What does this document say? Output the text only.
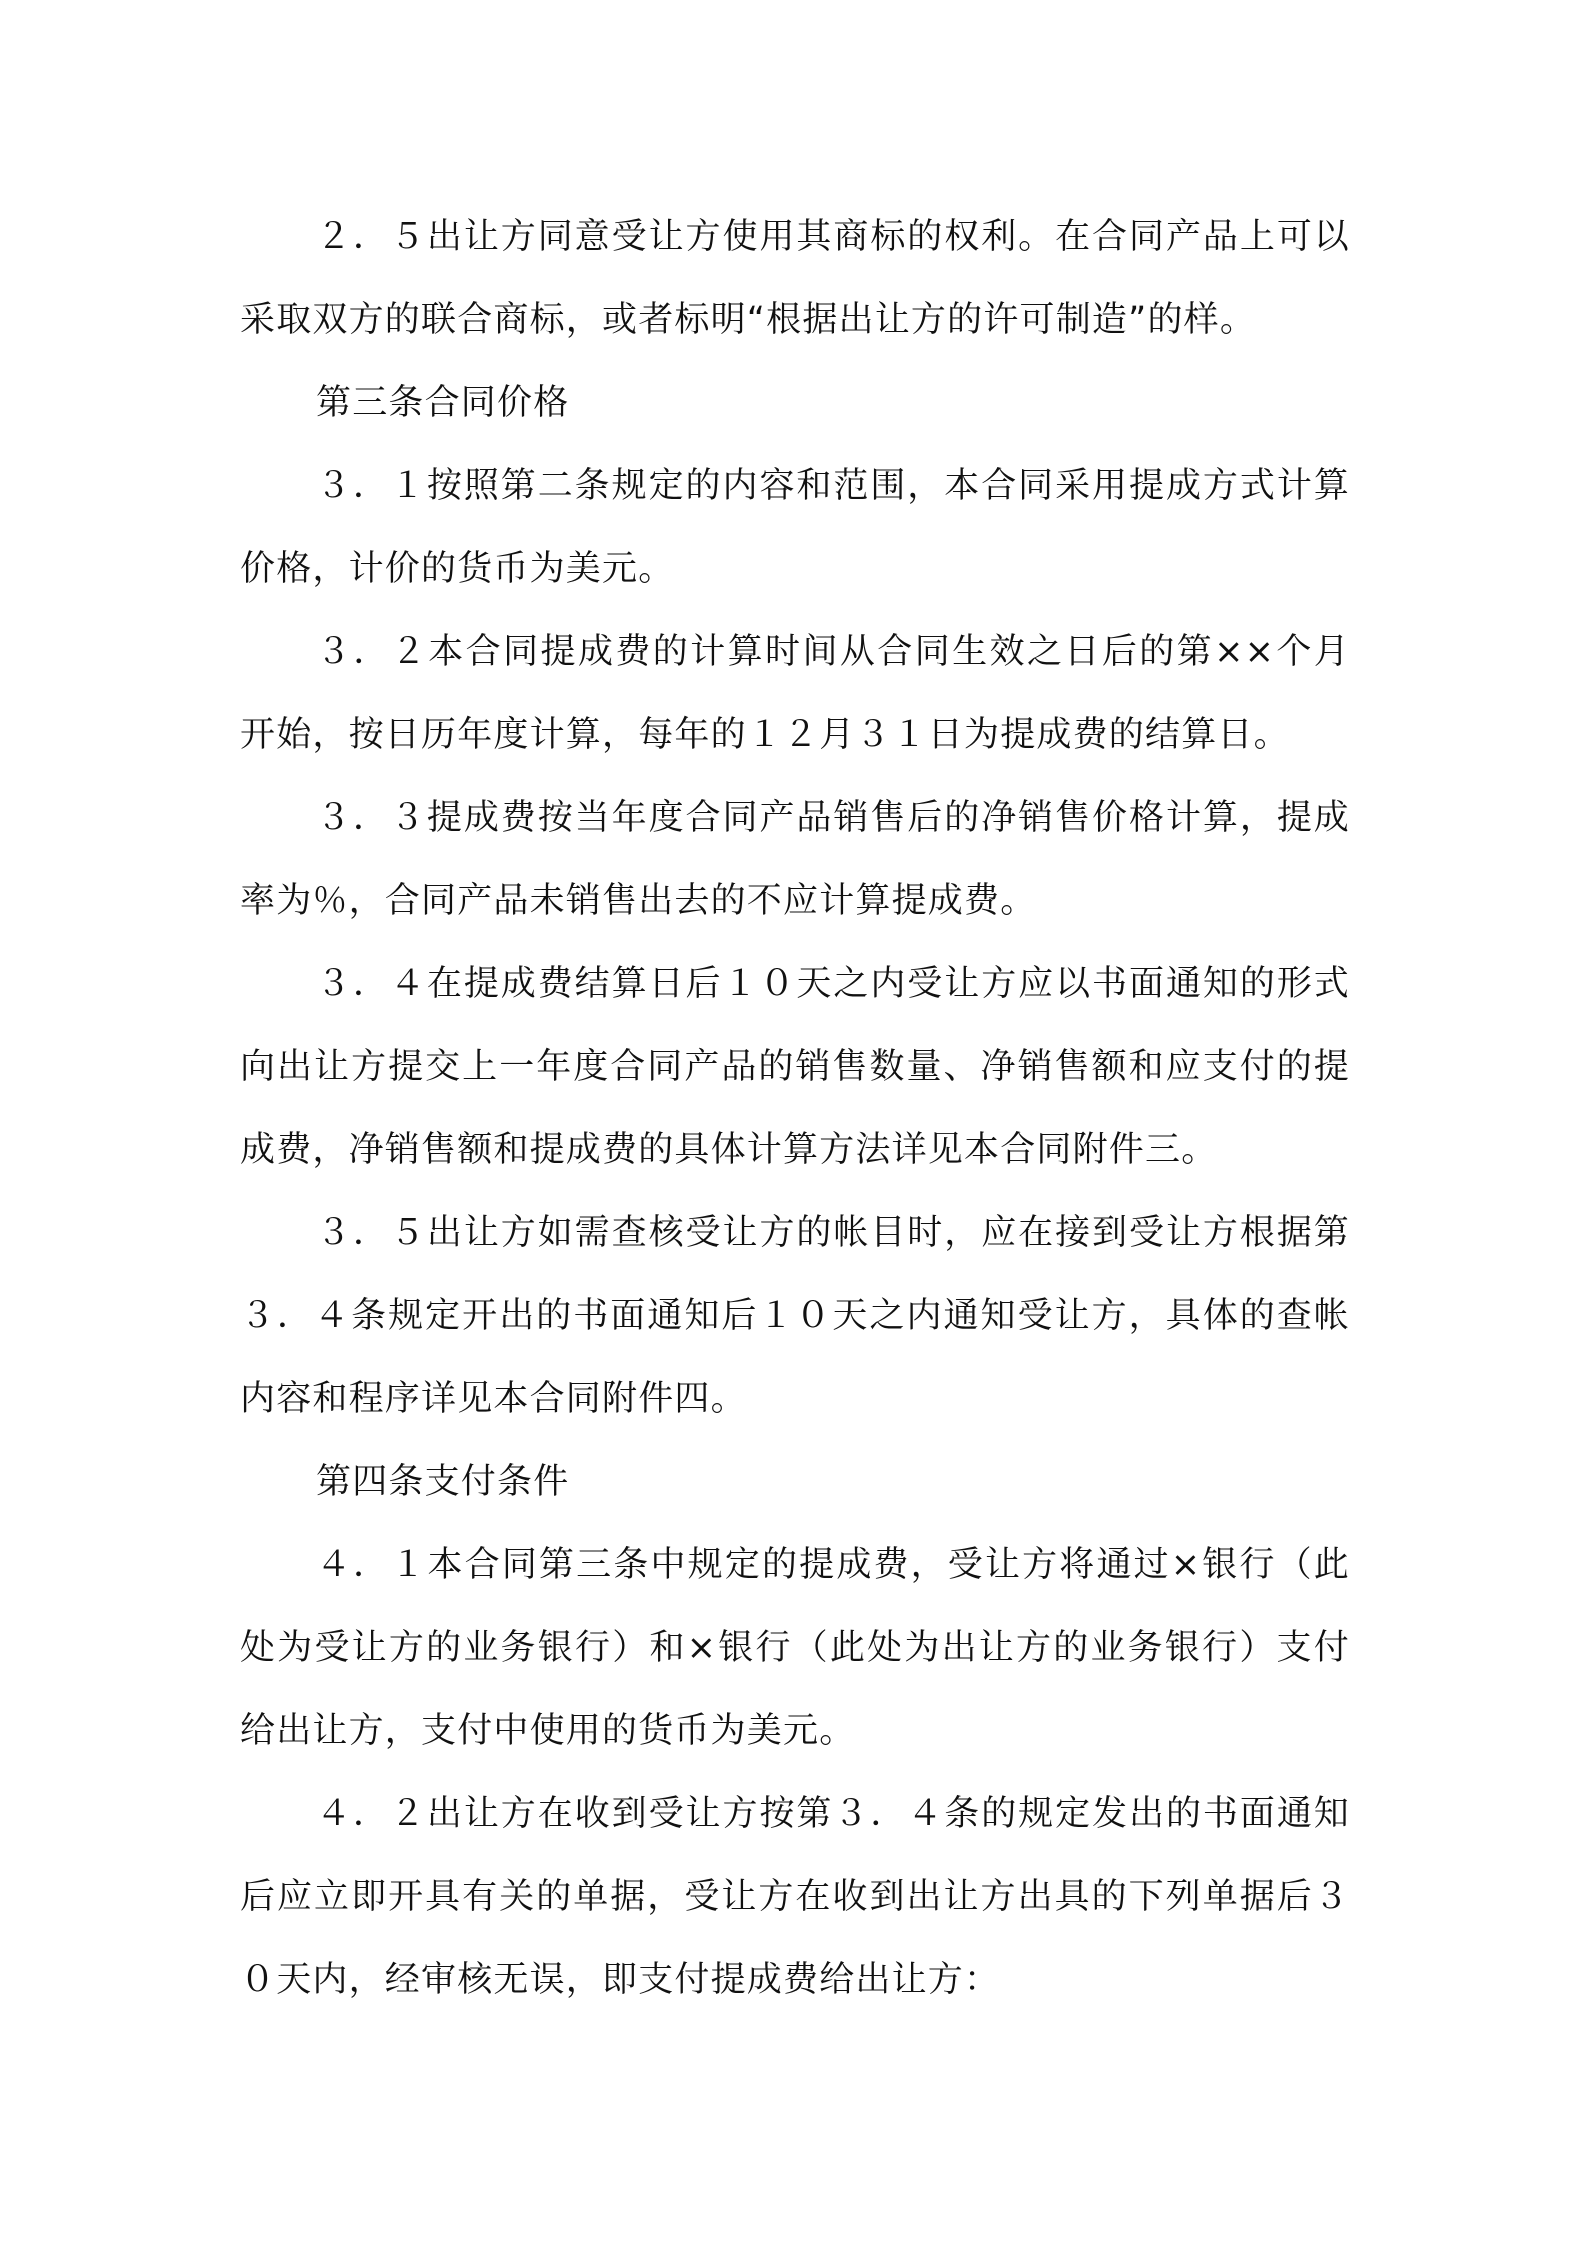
２．５出让方同意受让方使用其商标的权利。在合同产品上可以采取双方的联合商标，或者标明“根据出让方的许可制造”的样。

第三条合同价格

３．１按照第二条规定的内容和范围，本合同采用提成方式计算价格，计价的货币为美元。

３．２本合同提成费的计算时间从合同生效之日后的第××个月开始，按日历年度计算，每年的１２月３１日为提成费的结算日。

３．３提成费按当年度合同产品销售后的净销售价格计算，提成率为％，合同产品未销售出去的不应计算提成费。

３．４在提成费结算日后１０天之内受让方应以书面通知的形式向出让方提交上一年度合同产品的销售数量、净销售额和应支付的提成费，净销售额和提成费的具体计算方法详见本合同附件三。

３．５出让方如需查核受让方的帐目时，应在接到受让方根据第３．４条规定开出的书面通知后１０天之内通知受让方，具体的查帐内容和程序详见本合同附件四。

第四条支付条件

４．１本合同第三条中规定的提成费，受让方将通过×银行（此处为受让方的业务银行）和×银行（此处为出让方的业务银行）支付给出让方，支付中使用的货币为美元。

４．２出让方在收到受让方按第３．４条的规定发出的书面通知后应立即开具有关的单据，受让方在收到出让方出具的下列单据后３０天内，经审核无误，即支付提成费给出让方：
